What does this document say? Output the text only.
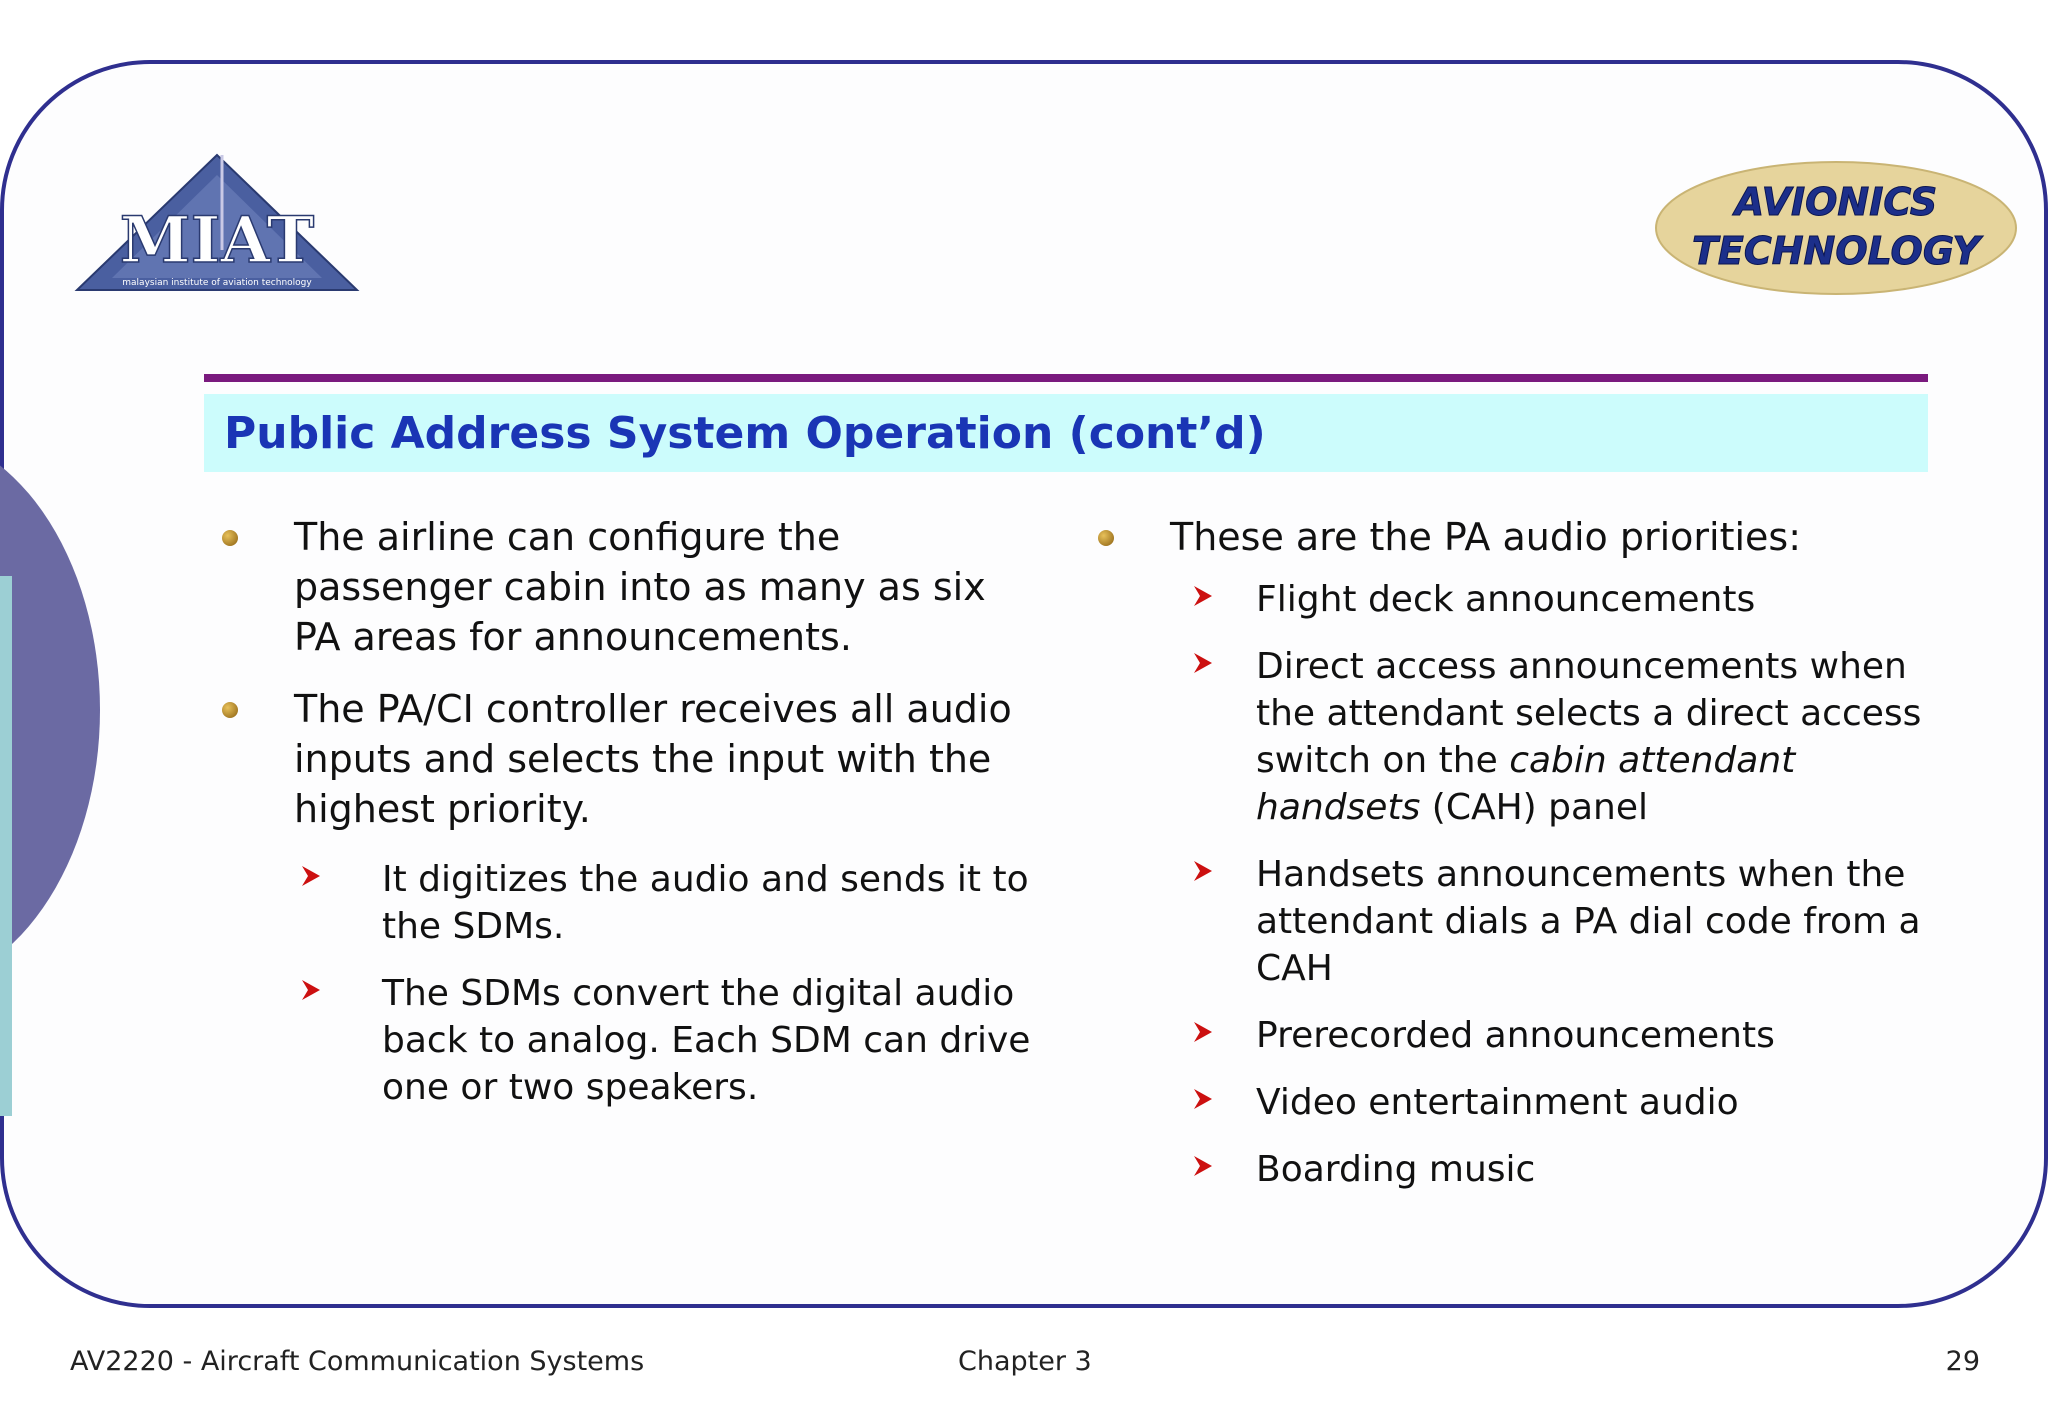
MIAT
malaysian institute of aviation technology
AVIONICS
TECHNOLOGY
Public Address System Operation (cont’d)
The airline can configure the passenger cabin into as many as six PA areas for announcements.
The PA/CI controller receives all audio inputs and selects the input with the highest priority.
It digitizes the audio and sends it to the SDMs.
The SDMs convert the digital audio back to analog. Each SDM can drive one or two speakers.
These are the PA audio priorities:
Flight deck announcements
Direct access announcements when the attendant selects a direct access switch on the cabin attendant handsets (CAH) panel
Handsets announcements when the attendant dials a PA dial code from a CAH
Prerecorded announcements
Video entertainment audio
Boarding music
AV2220 - Aircraft Communication Systems	Chapter 3	29
